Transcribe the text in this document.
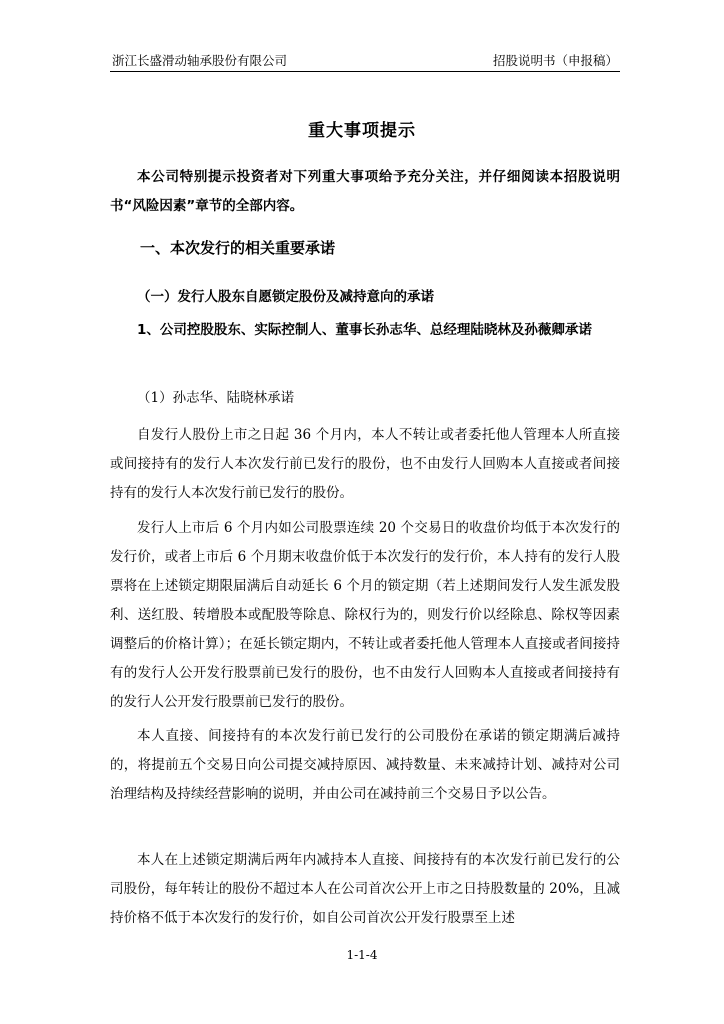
浙江长盛滑动轴承股份有限公司	招股说明书（申报稿）
重大事项提示
本公司特别提示投资者对下列重大事项给予充分关注，并仔细阅读本招股说明书“风险因素”章节的全部内容。
一、本次发行的相关重要承诺
（一）发行人股东自愿锁定股份及减持意向的承诺
1、公司控股股东、实际控制人、董事长孙志华、总经理陆晓林及孙薇卿承诺
（1）孙志华、陆晓林承诺
自发行人股份上市之日起 36 个月内，本人不转让或者委托他人管理本人所直接或间接持有的发行人本次发行前已发行的股份，也不由发行人回购本人直接或者间接持有的发行人本次发行前已发行的股份。
发行人上市后 6 个月内如公司股票连续 20 个交易日的收盘价均低于本次发行的发行价，或者上市后 6 个月期末收盘价低于本次发行的发行价，本人持有的发行人股票将在上述锁定期限届满后自动延长 6 个月的锁定期（若上述期间发行人发生派发股利、送红股、转增股本或配股等除息、除权行为的，则发行价以经除息、除权等因素调整后的价格计算）；在延长锁定期内，不转让或者委托他人管理本人直接或者间接持有的发行人公开发行股票前已发行的股份，也不由发行人回购本人直接或者间接持有的发行人公开发行股票前已发行的股份。
本人直接、间接持有的本次发行前已发行的公司股份在承诺的锁定期满后减持的，将提前五个交易日向公司提交减持原因、减持数量、未来减持计划、减持对公司治理结构及持续经营影响的说明，并由公司在减持前三个交易日予以公告。
本人在上述锁定期满后两年内减持本人直接、间接持有的本次发行前已发行的公司股份，每年转让的股份不超过本人在公司首次公开上市之日持股数量的 20%，且减持价格不低于本次发行的发行价，如自公司首次公开发行股票至上述
1-1-4
